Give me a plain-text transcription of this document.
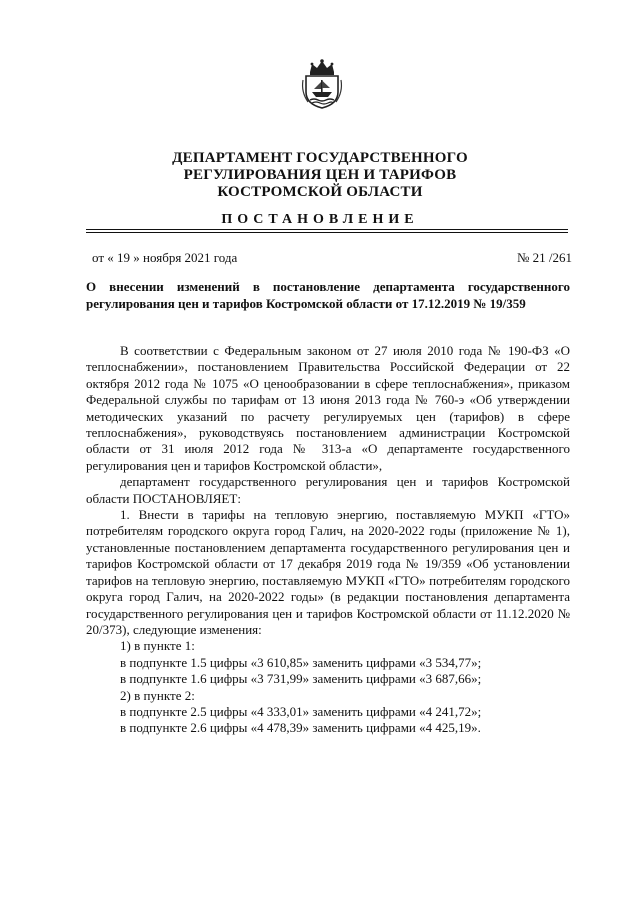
ДЕПАРТАМЕНТ ГОСУДАРСТВЕННОГО
РЕГУЛИРОВАНИЯ ЦЕН И ТАРИФОВ
КОСТРОМСКОЙ ОБЛАСТИ
ПОСТАНОВЛЕНИЕ
от « 19 » ноября 2021 года	№ 21 /261
О внесении изменений в постановление департамента государственного регулирования цен и тарифов Костромской области от 17.12.2019 № 19/359

В соответствии с Федеральным законом от 27 июля 2010 года № 190-ФЗ «О теплоснабжении», постановлением Правительства Российской Федерации от 22 октября 2012 года № 1075 «О ценообразовании в сфере теплоснабжения», приказом Федеральной службы по тарифам от 13 июня 2013 года № 760-э «Об утверждении методических указаний по расчету регулируемых цен (тарифов) в сфере теплоснабжения», руководствуясь постановлением администрации Костромской области от 31 июля 2012 года № 313-а «О департаменте государственного регулирования цен и тарифов Костромской области»,

департамент государственного регулирования цен и тарифов Костромской области ПОСТАНОВЛЯЕТ:

1. Внести в тарифы на тепловую энергию, поставляемую МУКП «ГТО» потребителям городского округа город Галич, на 2020-2022 годы (приложение № 1), установленные постановлением департамента государственного регулирования цен и тарифов Костромской области от 17 декабря 2019 года № 19/359 «Об установлении тарифов на тепловую энергию, поставляемую МУКП «ГТО» потребителям городского округа город Галич, на 2020-2022 годы» (в редакции постановления департамента государственного регулирования цен и тарифов Костромской области от 11.12.2020 № 20/373), следующие изменения:

1) в пункте 1:

в подпункте 1.5 цифры «3 610,85» заменить цифрами «3 534,77»;

в подпункте 1.6 цифры «3 731,99» заменить цифрами «3 687,66»;

2) в пункте 2:

в подпункте 2.5 цифры «4 333,01» заменить цифрами «4 241,72»;

в подпункте 2.6 цифры «4 478,39» заменить цифрами «4 425,19».
